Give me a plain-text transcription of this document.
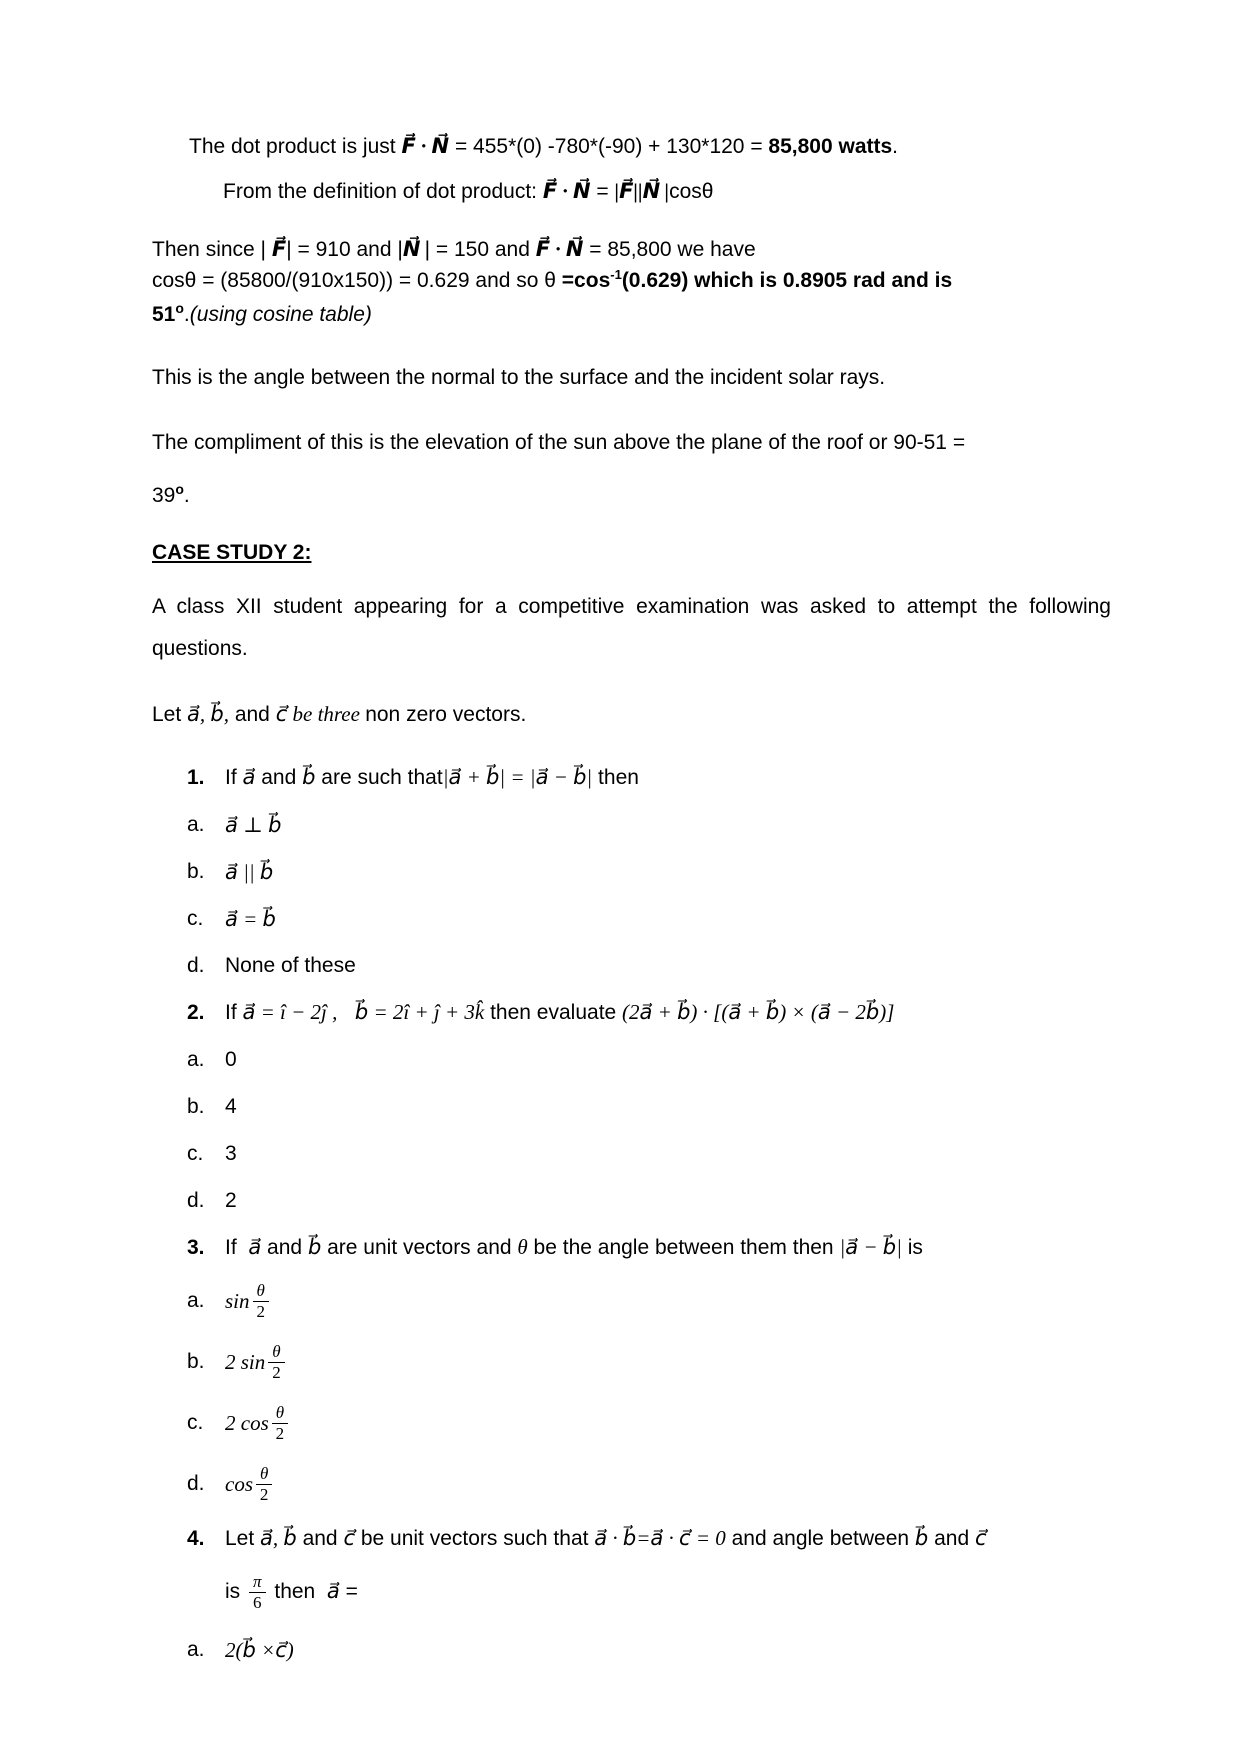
The dot product is just F⃗ · N⃗ = 455*(0) -780*(-90) + 130*120 = 85,800 watts.

From the definition of dot product: F⃗ · N⃗ = |F⃗||N⃗ |cosθ

Then since | F⃗| = 910 and |N⃗ | = 150 and F⃗ · N⃗ = 85,800 we have
cosθ = (85800/(910x150)) = 0.629 and so $\theta =\cos^{-1}(0.629)$ which is 0.8905 rad and is
51$^o$.(using cosine table)

This is the angle between the normal to the surface and the incident solar rays.

The compliment of this is the elevation of the sun above the plane of the roof or 90-51 =
$39^o$.
CASE STUDY 2:

A class XII student appearing for a competitive examination was asked to attempt the following questions.

Let a⃗, b⃗, and c⃗ be three non zero vectors.

1. If a⃗ and b⃗ are such that|a⃗ + b⃗| = |a⃗ − b⃗| then
a. a⃗ ⊥ b⃗
b. a⃗ || b⃗
c.	a⃗ = b⃗
d. None of these
2. If a⃗ = î − 2ĵ , b⃗ = 2î + ĵ + 3k̂ then evaluate (2a⃗ + b⃗) · [(a⃗ + b⃗) × (a⃗ − 2b⃗)]
a. 0
b. 4
c.	3
d. 2
3. If  a⃗ and b⃗ are unit vectors and θ be the angle between them then |a⃗ − b⃗| is
a. $\sin \frac{\theta}{2}$
b. 2 $\sin \frac{\theta}{2}$
c.	2 $\cos \frac{\theta}{2}$
d. $\cos \frac{\theta}{2}$
4. Let a⃗, b⃗ and c⃗ be unit vectors such that a⃗ · b⃗=a⃗ · c⃗ = 0 and angle between b⃗ and c⃗
is $\frac{\pi}{6}$ then  a⃗ =
a. 2(b⃗ ×c⃗)
